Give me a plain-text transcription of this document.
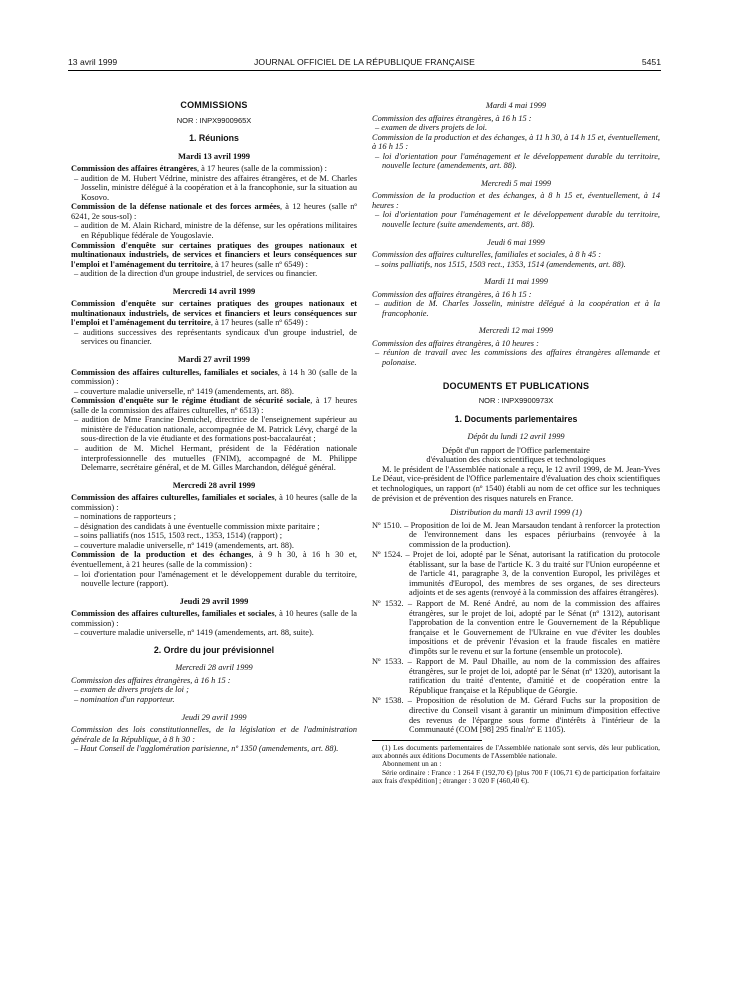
13 avril 1999	JOURNAL OFFICIEL DE LA RÉPUBLIQUE FRANÇAISE	5451
COMMISSIONS
NOR : INPX9900965X
1. Réunions
Mardi 13 avril 1999
Commission des affaires étrangères, à 17 heures (salle de la commission) :
– audition de M. Hubert Védrine, ministre des affaires étrangères, et de M. Charles Josselin, ministre délégué à la coopération et à la francophonie, sur la situation au Kosovo.
Commission de la défense nationale et des forces armées, à 12 heures (salle nº 6241, 2e sous-sol) :
– audition de M. Alain Richard, ministre de la défense, sur les opérations militaires en République fédérale de Yougoslavie.
Commission d'enquête sur certaines pratiques des groupes nationaux et multinationaux industriels, de services et financiers et leurs conséquences sur l'emploi et l'aménagement du territoire, à 17 heures (salle nº 6549) :
– audition de la direction d'un groupe industriel, de services ou financier.
Mercredi 14 avril 1999
Commission d'enquête sur certaines pratiques des groupes nationaux et multinationaux industriels, de services et financiers et leurs conséquences sur l'emploi et l'aménagement du territoire, à 17 heures (salle nº 6549) :
– auditions successives des représentants syndicaux d'un groupe industriel, de services ou financier.
Mardi 27 avril 1999
Commission des affaires culturelles, familiales et sociales, à 14 h 30 (salle de la commission) :
– couverture maladie universelle, nº 1419 (amendements, art. 88).
Commission d'enquête sur le régime étudiant de sécurité sociale, à 17 heures (salle de la commission des affaires culturelles, nº 6513) :
– audition de Mme Francine Demichel, directrice de l'enseignement supérieur au ministère de l'éducation nationale, accompagnée de M. Patrick Lévy, chargé de la sous-direction de la vie étudiante et des formations post-baccalauréat ;
– audition de M. Michel Hermant, président de la Fédération nationale interprofessionnelle des mutuelles (FNIM), accompagné de M. Philippe Delemarre, secrétaire général, et de M. Gilles Marchandon, délégué général.
Mercredi 28 avril 1999
Commission des affaires culturelles, familiales et sociales, à 10 heures (salle de la commission) :
– nominations de rapporteurs ;
– désignation des candidats à une éventuelle commission mixte paritaire ;
– soins palliatifs (nos 1515, 1503 rect., 1353, 1514) (rapport) ;
– couverture maladie universelle, nº 1419 (amendements, art. 88).
Commission de la production et des échanges, à 9 h 30, à 16 h 30 et, éventuellement, à 21 heures (salle de la commission) :
– loi d'orientation pour l'aménagement et le développement durable du territoire, nouvelle lecture (rapport).
Jeudi 29 avril 1999
Commission des affaires culturelles, familiales et sociales, à 10 heures (salle de la commission) :
– couverture maladie universelle, nº 1419 (amendements, art. 88, suite).
2. Ordre du jour prévisionnel
Mercredi 28 avril 1999
Commission des affaires étrangères, à 16 h 15 :
– examen de divers projets de loi ;
– nomination d'un rapporteur.
Jeudi 29 avril 1999
Commission des lois constitutionnelles, de la législation et de l'administration générale de la République, à 8 h 30 :
– Haut Conseil de l'agglomération parisienne, nº 1350 (amendements, art. 88).
Mardi 4 mai 1999
Commission des affaires étrangères, à 16 h 15 :
– examen de divers projets de loi.
Commission de la production et des échanges, à 11 h 30, à 14 h 15 et, éventuellement, à 16 h 15 :
– loi d'orientation pour l'aménagement et le développement durable du territoire, nouvelle lecture (amendements, art. 88).
Mercredi 5 mai 1999
Commission de la production et des échanges, à 8 h 15 et, éventuellement, à 14 heures :
– loi d'orientation pour l'aménagement et le développement durable du territoire, nouvelle lecture (suite amendements, art. 88).
Jeudi 6 mai 1999
Commission des affaires culturelles, familiales et sociales, à 8 h 45 :
– soins palliatifs, nos 1515, 1503 rect., 1353, 1514 (amendements, art. 88).
Mardi 11 mai 1999
Commission des affaires étrangères, à 16 h 15 :
– audition de M. Charles Josselin, ministre délégué à la coopération et à la francophonie.
Mercredi 12 mai 1999
Commission des affaires étrangères, à 10 heures :
– réunion de travail avec les commissions des affaires étrangères allemande et polonaise.
DOCUMENTS ET PUBLICATIONS
NOR : INPX9900973X
1. Documents parlementaires
Dépôt du lundi 12 avril 1999
Dépôt d'un rapport de l'Office parlementaire
d'évaluation des choix scientifiques et technologiques
M. le président de l'Assemblée nationale a reçu, le 12 avril 1999, de M. Jean-Yves Le Déaut, vice-président de l'Office parlementaire d'évaluation des choix scientifiques et technologiques, un rapport (nº 1540) établi au nom de cet office sur les techniques de prévision et de prévention des risques naturels en France.
Distribution du mardi 13 avril 1999 (1)
Nº 1510. – Proposition de loi de M. Jean Marsaudon tendant à renforcer la protection de l'environnement dans les espaces périurbains (renvoyée à la commission de la production).
Nº 1524. – Projet de loi, adopté par le Sénat, autorisant la ratification du protocole établissant, sur la base de l'article K. 3 du traité sur l'Union européenne et de l'article 41, paragraphe 3, de la convention Europol, les privilèges et immunités d'Europol, des membres de ses organes, de ses directeurs adjoints et de ses agents (renvoyé à la commission des affaires étrangères).
Nº 1532. – Rapport de M. René André, au nom de la commission des affaires étrangères, sur le projet de loi, adopté par le Sénat (nº 1312), autorisant l'approbation de la convention entre le Gouvernement de la République française et le Gouvernement de l'Ukraine en vue d'éviter les doubles impositions et de prévenir l'évasion et la fraude fiscales en matière d'impôts sur le revenu et sur la fortune (ensemble un protocole).
Nº 1533. – Rapport de M. Paul Dhaille, au nom de la commission des affaires étrangères, sur le projet de loi, adopté par le Sénat (nº 1320), autorisant la ratification du traité d'entente, d'amitié et de coopération entre la République française et la République de Géorgie.
Nº 1538. – Proposition de résolution de M. Gérard Fuchs sur la proposition de directive du Conseil visant à garantir un minimum d'imposition effective des revenus de l'épargne sous forme d'intérêts à l'intérieur de la Communauté (COM [98] 295 final/nº E 1105).

(1) Les documents parlementaires de l'Assemblée nationale sont servis, dès leur publication, aux abonnés aux éditions Documents de l'Assemblée nationale.

Abonnement un an :

Série ordinaire : France : 1 264 F (192,70 €) [plus 700 F (106,71 €) de participation forfaitaire aux frais d'expédition] ; étranger : 3 020 F (460,40 €).
